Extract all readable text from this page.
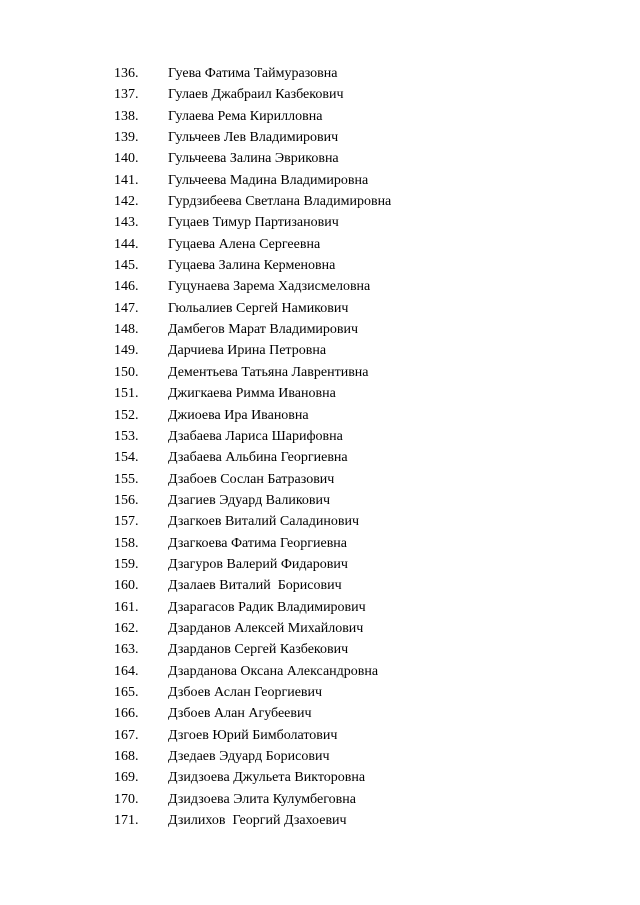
136. Гуева Фатима Таймуразовна
137. Гулаев Джабраил Казбекович
138. Гулаева Рема Кирилловна
139. Гульчеев Лев Владимирович
140. Гульчеева Залина Эвриковна
141. Гульчеева Мадина Владимировна
142. Гурдзибеева Светлана Владимировна
143. Гуцаев Тимур Партизанович
144. Гуцаева Алена Сергеевна
145. Гуцаева Залина Керменовна
146. Гуцунаева Зарема Хадзисмеловна
147. Гюльалиев Сергей Намикович
148. Дамбегов Марат Владимирович
149. Дарчиева Ирина Петровна
150. Дементьева Татьяна Лаврентивна
151. Джигкаева Римма Ивановна
152. Джиоева Ира Ивановна
153. Дзабаева Лариса Шарифовна
154. Дзабаева Альбина Георгиевна
155. Дзабоев Сослан Батразович
156. Дзагиев Эдуард Валикович
157. Дзагкоев Виталий Саладинович
158. Дзагкоева Фатима Георгиевна
159. Дзагуров Валерий Фидарович
160. Дзалаев Виталий  Борисович
161. Дзарагасов Радик Владимирович
162. Дзарданов Алексей Михайлович
163. Дзарданов Сергей Казбекович
164. Дзарданова Оксана Александровна
165. Дзбоев Аслан Георгиевич
166. Дзбоев Алан Агубеевич
167. Дзгоев Юрий Бимболатович
168. Дзедаев Эдуард Борисович
169. Дзидзоева Джульета Викторовна
170. Дзидзоева Элита Кулумбеговна
171. Дзилихов  Георгий Дзахоевич
